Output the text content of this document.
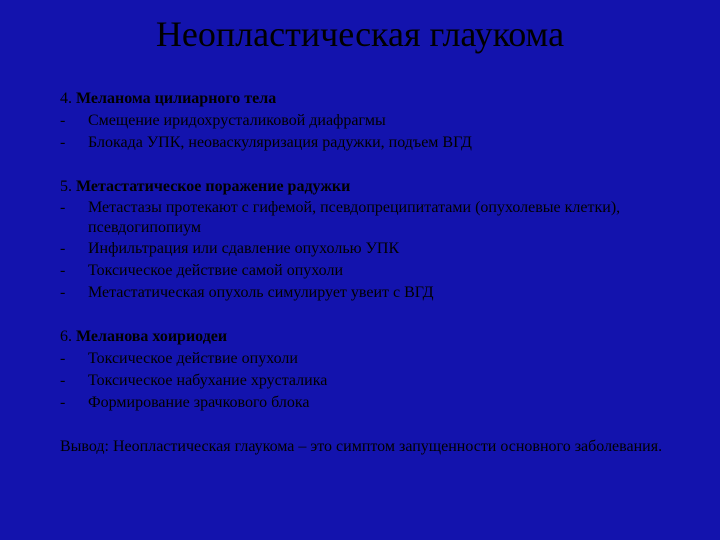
Неопластическая глаукома

4. Меланома цилиарного тела

-	Смещение иридохрусталиковой диафрагмы

-	Блокада УПК, неоваскуляризация радужки, подъем ВГД

5. Метастатическое поражение радужки

-	Метастазы протекают с гифемой, псевдопреципитатами (опухолевые клетки), псевдогипопиум

-	Инфильтрация или сдавление опухолью УПК

-	Токсическое действие самой опухоли

-	Метастатическая опухоль симулирует увеит с ВГД

6. Меланова хоириодеи

-	Токсическое действие опухоли

-	Токсическое набухание хрусталика

-	Формирование зрачкового блока

Вывод: Неопластическая глаукома – это симптом запущенности основного заболевания.
